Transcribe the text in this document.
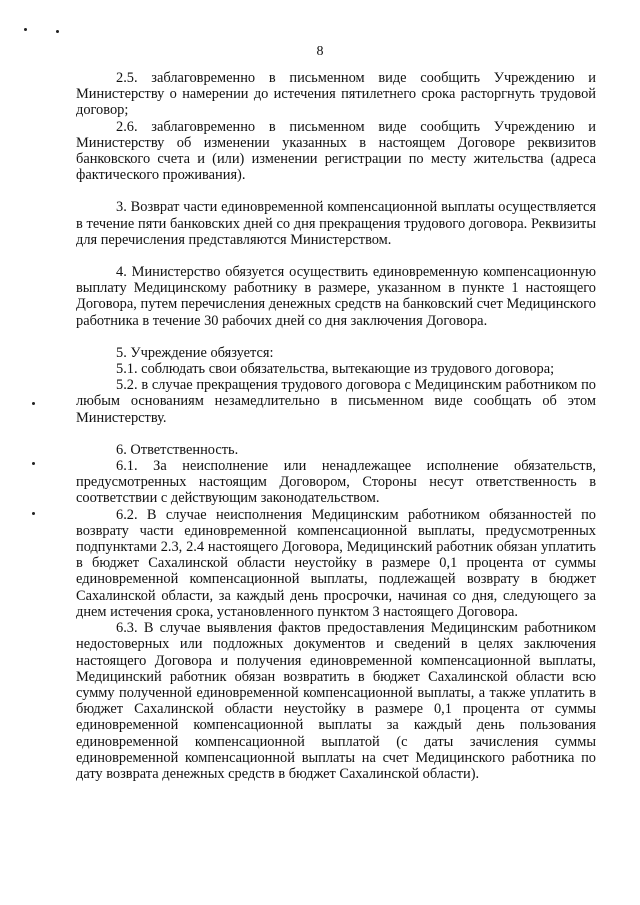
8

2.5. заблаговременно в письменном виде сообщить Учреждению и Министерству о намерении до истечения пятилетнего срока расторгнуть трудовой договор;

2.6. заблаговременно в письменном виде сообщить Учреждению и Министерству об изменении указанных в настоящем Договоре реквизитов банковского счета и (или) изменении регистрации по месту жительства (адреса фактического проживания).

3. Возврат части единовременной компенсационной выплаты осуществляется в течение пяти банковских дней со дня прекращения трудового договора. Реквизиты для перечисления представляются Министерством.

4. Министерство обязуется осуществить единовременную компенсационную выплату Медицинскому работнику в размере, указанном в пункте 1 настоящего Договора, путем перечисления денежных средств на банковский счет Медицинского работника в течение 30 рабочих дней со дня заключения Договора.

5. Учреждение обязуется:

5.1. соблюдать свои обязательства, вытекающие из трудового договора;

5.2. в случае прекращения трудового договора с Медицинским работником по любым основаниям незамедлительно в письменном виде сообщать об этом Министерству.

6. Ответственность.

6.1. За неисполнение или ненадлежащее исполнение обязательств, предусмотренных настоящим Договором, Стороны несут ответственность в соответствии с действующим законодательством.

6.2. В случае неисполнения Медицинским работником обязанностей по возврату части единовременной компенсационной выплаты, предусмотренных подпунктами 2.3, 2.4 настоящего Договора, Медицинский работник обязан уплатить в бюджет Сахалинской области неустойку в размере 0,1 процента от суммы единовременной компенсационной выплаты, подлежащей возврату в бюджет Сахалинской области, за каждый день просрочки, начиная со дня, следующего за днем истечения срока, установленного пунктом 3 настоящего Договора.

6.3. В случае выявления фактов предоставления Медицинским работником недостоверных или подложных документов и сведений в целях заключения настоящего Договора и получения единовременной компенсационной выплаты, Медицинский работник обязан возвратить в бюджет Сахалинской области всю сумму полученной единовременной компенсационной выплаты, а также уплатить в бюджет Сахалинской области неустойку в размере 0,1 процента от суммы единовременной компенсационной выплаты за каждый день пользования единовременной компенсационной выплатой (с даты зачисления суммы единовременной компенсационной выплаты на счет Медицинского работника по дату возврата денежных средств в бюджет Сахалинской области).
